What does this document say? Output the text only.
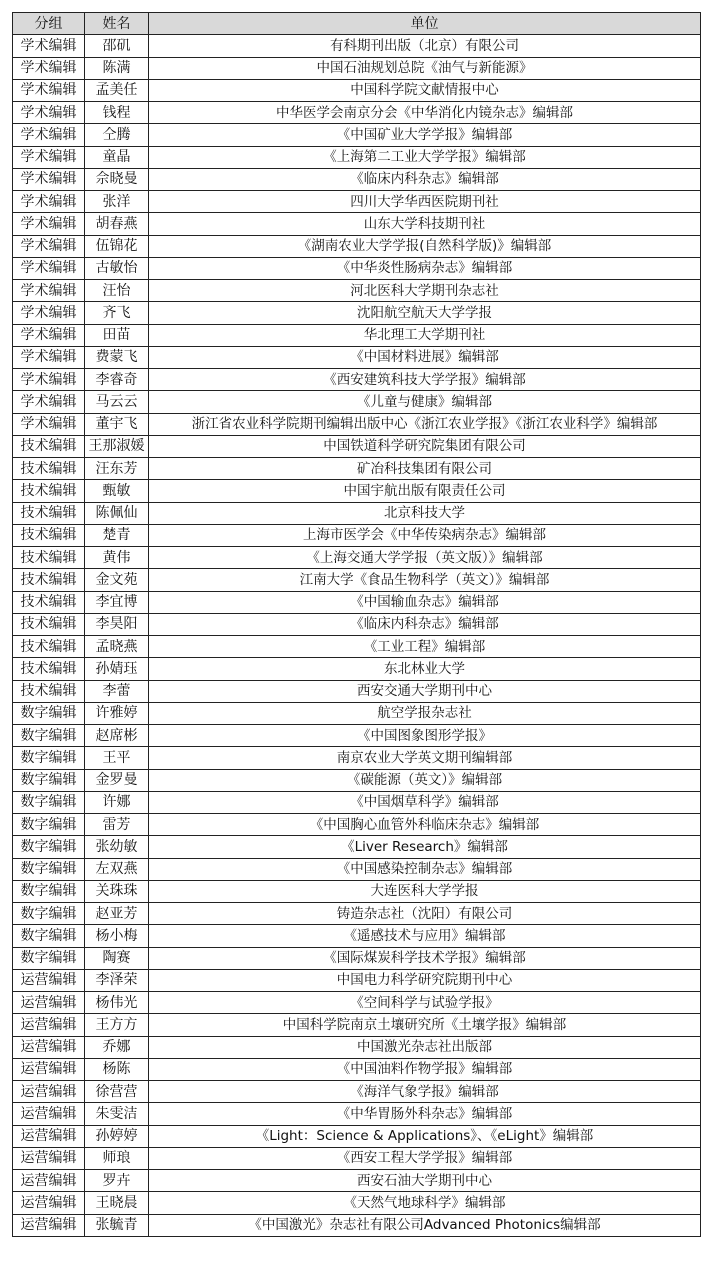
分组	姓名	单位
学术编辑	邵矶	有科期刊出版（北京）有限公司
学术编辑	陈满	中国石油规划总院《油气与新能源》
学术编辑	孟美任	中国科学院文献情报中心
学术编辑	钱程	中华医学会南京分会《中华消化内镜杂志》编辑部
学术编辑	仝腾	《中国矿业大学学报》编辑部
学术编辑	童晶	《上海第二工业大学学报》编辑部
学术编辑	佘晓曼	《临床内科杂志》编辑部
学术编辑	张洋	四川大学华西医院期刊社
学术编辑	胡春燕	山东大学科技期刊社
学术编辑	伍锦花	《湖南农业大学学报(自然科学版)》编辑部
学术编辑	古敏怡	《中华炎性肠病杂志》编辑部
学术编辑	汪怡	河北医科大学期刊杂志社
学术编辑	齐飞	沈阳航空航天大学学报
学术编辑	田苗	华北理工大学期刊社
学术编辑	费蒙飞	《中国材料进展》编辑部
学术编辑	李睿奇	《西安建筑科技大学学报》编辑部
学术编辑	马云云	《儿童与健康》编辑部
学术编辑	董宇飞	浙江省农业科学院期刊编辑出版中心《浙江农业学报》《浙江农业科学》编辑部
技术编辑	王那淑媛	中国铁道科学研究院集团有限公司
技术编辑	汪东芳	矿冶科技集团有限公司
技术编辑	甄敏	中国宇航出版有限责任公司
技术编辑	陈佩仙	北京科技大学
技术编辑	楚青	上海市医学会《中华传染病杂志》编辑部
技术编辑	黄伟	《上海交通大学学报（英文版）》编辑部
技术编辑	金文苑	江南大学《食品生物科学（英文）》编辑部
技术编辑	李宜博	《中国输血杂志》编辑部
技术编辑	李昊阳	《临床内科杂志》编辑部
技术编辑	孟晓燕	《工业工程》编辑部
技术编辑	孙婧珏	东北林业大学
技术编辑	李蕾	西安交通大学期刊中心
数字编辑	许雅婷	航空学报杂志社
数字编辑	赵席彬	《中国图象图形学报》
数字编辑	王平	南京农业大学英文期刊编辑部
数字编辑	金罗曼	《碳能源（英文）》编辑部
数字编辑	许娜	《中国烟草科学》编辑部
数字编辑	雷芳	《中国胸心血管外科临床杂志》编辑部
数字编辑	张幼敏	《Liver Research》编辑部
数字编辑	左双燕	《中国感染控制杂志》编辑部
数字编辑	关珠珠	大连医科大学学报
数字编辑	赵亚芳	铸造杂志社（沈阳）有限公司
数字编辑	杨小梅	《遥感技术与应用》编辑部
数字编辑	陶赛	《国际煤炭科学技术学报》编辑部
运营编辑	李泽荣	中国电力科学研究院期刊中心
运营编辑	杨伟光	《空间科学与试验学报》
运营编辑	王方方	中国科学院南京土壤研究所《土壤学报》编辑部
运营编辑	乔娜	中国激光杂志社出版部
运营编辑	杨陈	《中国油料作物学报》编辑部
运营编辑	徐营营	《海洋气象学报》编辑部
运营编辑	朱雯洁	《中华胃肠外科杂志》编辑部
运营编辑	孙婷婷	《Light：Science & Applications》、《eLight》编辑部
运营编辑	师琅	《西安工程大学学报》编辑部
运营编辑	罗卉	西安石油大学期刊中心
运营编辑	王晓晨	《天然气地球科学》编辑部
运营编辑	张毓青	《中国激光》杂志社有限公司Advanced Photonics编辑部
